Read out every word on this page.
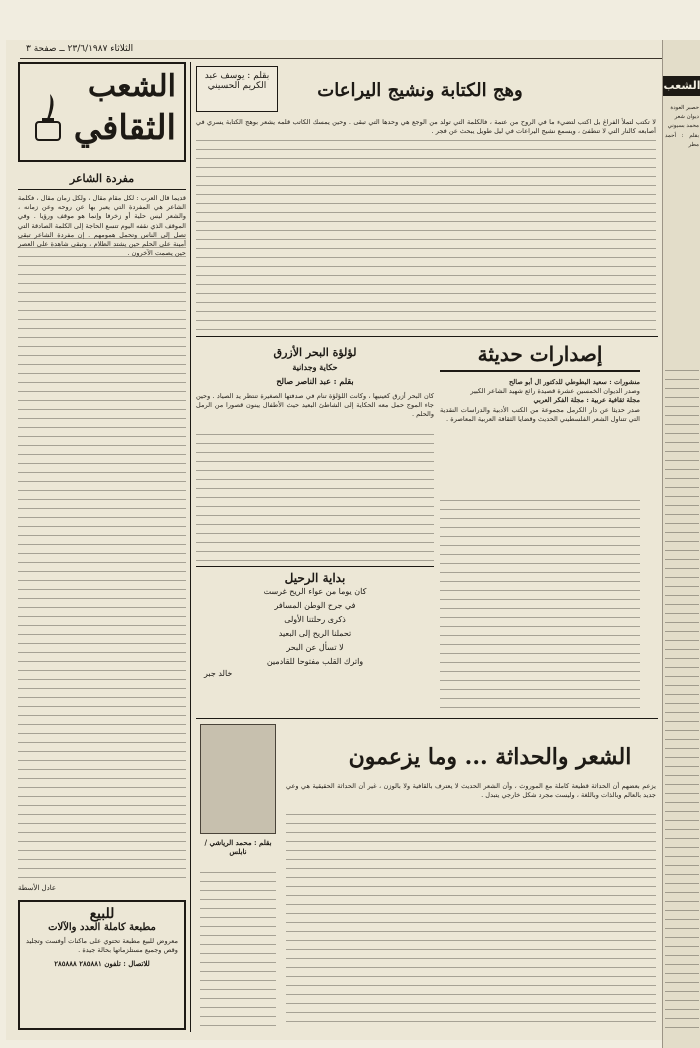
الثلاثاء ٢٣/٦/١٩٨٧ ــ صفحة ٣
الشعب
حصبر العودة
ديوان شعر
محمد بسيوني
بقلم : أحمد مطر
الشعب
الثقافي
مفردة الشاعر
قديما قال العرب : لكل مقام مقال ، ولكل زمان مقال ، فكلمة الشاعر هي المفردة التي يعبر بها عن روحه وعن زمانه ، والشعر ليس حلية أو زخرفا وإنما هو موقف ورؤيا . وفي الموقف الذي نقفه اليوم تتسع الحاجة إلى الكلمة الصادقة التي تصل إلى الناس وتحمل همومهم . إن مفردة الشاعر تبقى أمينة على الحلم حين يشتد الظلام ، وتبقى شاهدة على العصر حين يصمت الآخرون .
عادل الأسطة
للبيع
مطبعة كاملة العدد والآلات
معروض للبيع مطبعة تحتوي على ماكنات أوفست وتجليد وقص وجميع مستلزماتها بحالة جيدة .
للاتصال : تلفون ٢٨٥٨٨١ ٢٨٥٨٨٨
بقلم : يوسف عبد الكريم الحسيني	وهج الكتابة ونشيج اليراعات
لا تكتب لتملأ الفراغ بل اكتب لتضيء ما في الروح من عتمة ، فالكلمة التي تولد من الوجع هي وحدها التي تبقى . وحين يمسك الكاتب قلمه يشعر بوهج الكتابة يسري في أصابعه كالنار التي لا تنطفئ ، ويسمع نشيج اليراعات في ليل طويل يبحث عن فجر .
إصدارات حديثة
منشورات : سعيد البطوطي للدكتور ال أبو صالح
وصدر الديوان الخمسين عشرة قصيدة رائع شهيد الشاعر الكبير
مجلة ثقافية عربية : مجلة الفكر العربي
صدر حديثا عن دار الكرمل مجموعة من الكتب الأدبية والدراسات النقدية التي تتناول الشعر الفلسطيني الحديث وقضايا الثقافة العربية المعاصرة .
لؤلؤة البحر الأزرق
حكاية وجدانية
بقلم : عبد الناصر صالح
كان البحر أزرق كعينيها ، وكانت اللؤلؤة تنام في صدفتها الصغيرة تنتظر يد الصياد . وحين جاء الموج حمل معه الحكاية إلى الشاطئ البعيد حيث الأطفال يبنون قصورا من الرمل والحلم .
بداية الرحيل
كان يوما من عواء الريح غرست
في جرح الوطن المسافر
ذكرى رحلتنا الأولى
تحملنا الريح إلى البعيد
لا تسأل عن البحر
واترك القلب مفتوحا للقادمين
خالد جبر
الشعر والحداثة ... وما يزعمون
بقلم : محمد الرياشي / نابلس
يزعم بعضهم أن الحداثة قطيعة كاملة مع الموروث ، وأن الشعر الحديث لا يعترف بالقافية ولا بالوزن ، غير أن الحداثة الحقيقية هي وعي جديد بالعالم وبالذات وباللغة ، وليست مجرد شكل خارجي يتبدل .
